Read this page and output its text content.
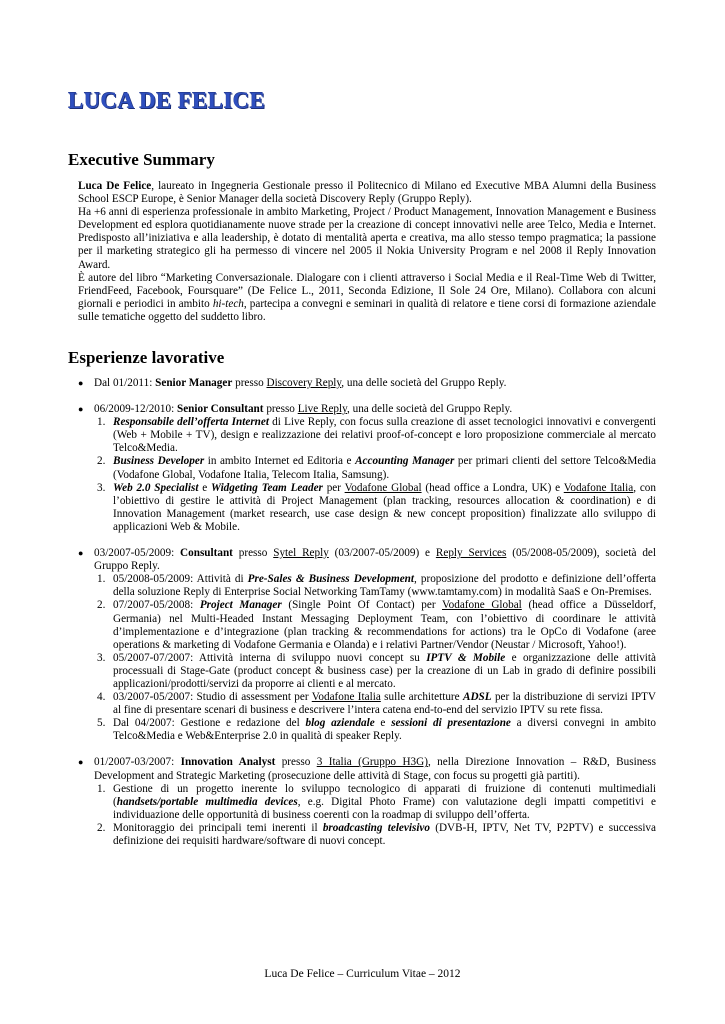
LUCA DE FELICE
Executive Summary

Luca De Felice, laureato in Ingegneria Gestionale presso il Politecnico di Milano ed Executive MBA Alumni della Business School ESCP Europe, è Senior Manager della società Discovery Reply (Gruppo Reply).

Ha +6 anni di esperienza professionale in ambito Marketing, Project / Product Management, Innovation Management e Business Development ed esplora quotidianamente nuove strade per la creazione di concept innovativi nelle aree Telco, Media e Internet. Predisposto all’iniziativa e alla leadership, è dotato di mentalità aperta e creativa, ma allo stesso tempo pragmatica; la passione per il marketing strategico gli ha permesso di vincere nel 2005 il Nokia University Program e nel 2008 il Reply Innovation Award.

È autore del libro “Marketing Conversazionale. Dialogare con i clienti attraverso i Social Media e il Real-Time Web di Twitter, FriendFeed, Facebook, Foursquare” (De Felice L., 2011, Seconda Edizione, Il Sole 24 Ore, Milano). Collabora con alcuni giornali e periodici in ambito hi-tech, partecipa a convegni e seminari in qualità di relatore e tiene corsi di formazione aziendale sulle tematiche oggetto del suddetto libro.

Esperienze lavorative
● Dal 01/2011: Senior Manager presso Discovery Reply, una delle società del Gruppo Reply.

● 06/2009-12/2010: Senior Consultant presso Live Reply, una delle società del Gruppo Reply.

1. Responsabile dell’offerta Internet di Live Reply, con focus sulla creazione di asset tecnologici innovativi e convergenti (Web + Mobile + TV), design e realizzazione dei relativi proof-of-concept e loro proposizione commerciale al mercato Telco&Media.
2. Business Developer in ambito Internet ed Editoria e Accounting Manager per primari clienti del settore Telco&Media (Vodafone Global, Vodafone Italia, Telecom Italia, Samsung).
3. Web 2.0 Specialist e Widgeting Team Leader per Vodafone Global (head office a Londra, UK) e Vodafone Italia, con l’obiettivo di gestire le attività di Project Management (plan tracking, resources allocation & coordination) e di Innovation Management (market research, use case design & new concept proposition) finalizzate allo sviluppo di applicazioni Web & Mobile.
● 03/2007-05/2009: Consultant presso Sytel Reply (03/2007-05/2009) e Reply Services (05/2008-05/2009), società del Gruppo Reply.

1. 05/2008-05/2009: Attività di Pre-Sales & Business Development, proposizione del prodotto e definizione dell’offerta della soluzione Reply di Enterprise Social Networking TamTamy (www.tamtamy.com) in modalità SaaS e On-Premises.
2. 07/2007-05/2008: Project Manager (Single Point Of Contact) per Vodafone Global (head office a Düsseldorf, Germania) nel Multi-Headed Instant Messaging Deployment Team, con l’obiettivo di coordinare le attività d’implementazione e d’integrazione (plan tracking & recommendations for actions) tra le OpCo di Vodafone (aree operations & marketing di Vodafone Germania e Olanda) e i relativi Partner/Vendor (Neustar / Microsoft, Yahoo!).
3. 05/2007-07/2007: Attività interna di sviluppo nuovi concept su IPTV & Mobile e organizzazione delle attività processuali di Stage-Gate (product concept & business case) per la creazione di un Lab in grado di definire possibili applicazioni/prodotti/servizi da proporre ai clienti e al mercato.
4. 03/2007-05/2007: Studio di assessment per Vodafone Italia sulle architetture ADSL per la distribuzione di servizi IPTV al fine di presentare scenari di business e descrivere l’intera catena end-to-end del servizio IPTV su rete fissa.
5. Dal 04/2007: Gestione e redazione del blog aziendale e sessioni di presentazione a diversi convegni in ambito Telco&Media e Web&Enterprise 2.0 in qualità di speaker Reply.
● 01/2007-03/2007: Innovation Analyst presso 3 Italia (Gruppo H3G), nella Direzione Innovation – R&D, Business Development and Strategic Marketing (prosecuzione delle attività di Stage, con focus su progetti già partiti).

1. Gestione di un progetto inerente lo sviluppo tecnologico di apparati di fruizione di contenuti multimediali (handsets/portable multimedia devices, e.g. Digital Photo Frame) con valutazione degli impatti competitivi e individuazione delle opportunità di business coerenti con la roadmap di sviluppo dell’offerta.
2. Monitoraggio dei principali temi inerenti il broadcasting televisivo (DVB-H, IPTV, Net TV, P2PTV) e successiva definizione dei requisiti hardware/software di nuovi concept.
Luca De Felice – Curriculum Vitae – 2012
